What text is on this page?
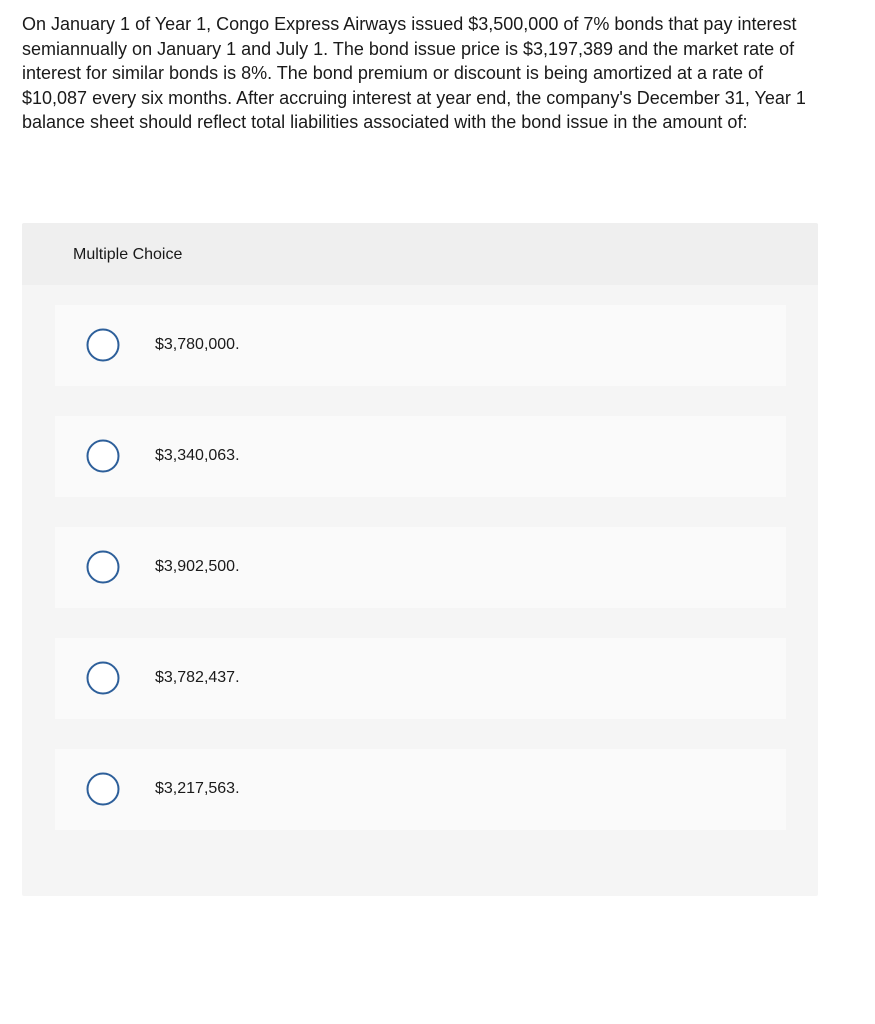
On January 1 of Year 1, Congo Express Airways issued $3,500,000 of 7% bonds that pay interest semiannually on January 1 and July 1. The bond issue price is $3,197,389 and the market rate of interest for similar bonds is 8%. The bond premium or discount is being amortized at a rate of $10,087 every six months. After accruing interest at year end, the company's December 31, Year 1 balance sheet should reflect total liabilities associated with the bond issue in the amount of:

Multiple Choice
$3,780,000.
$3,340,063.
$3,902,500.
$3,782,437.
$3,217,563.
